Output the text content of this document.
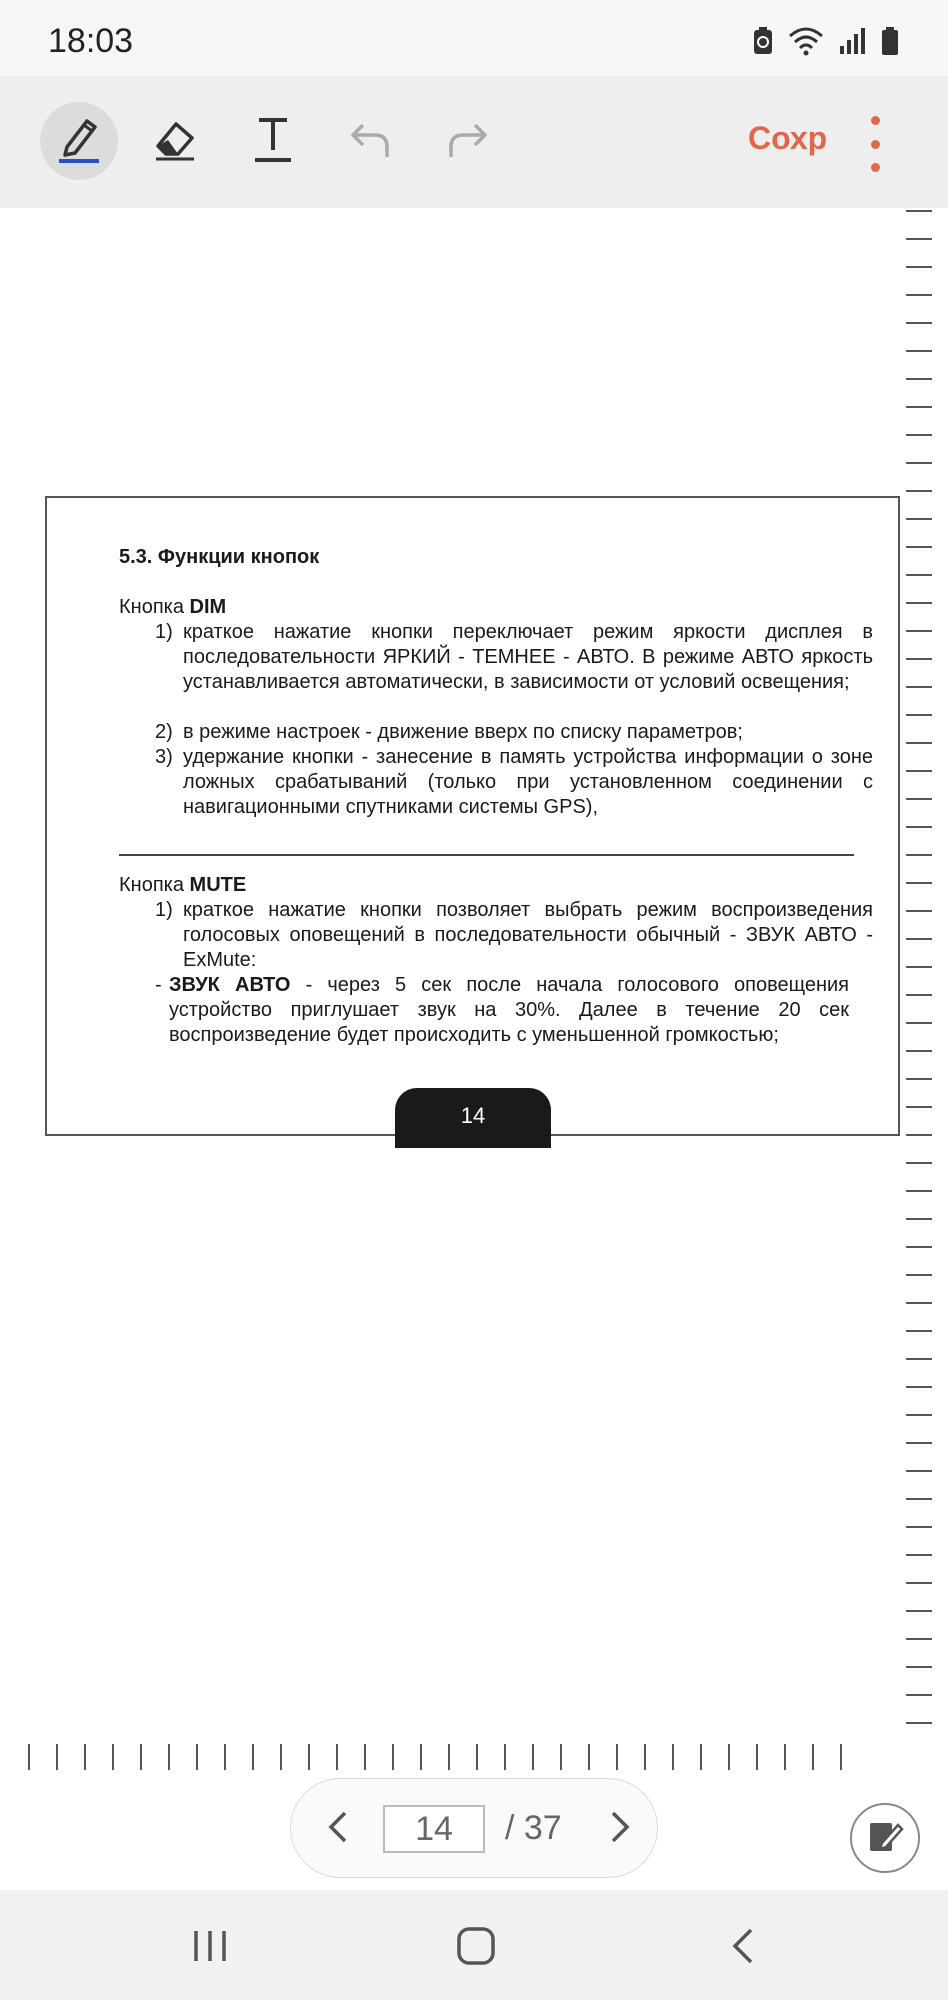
18:03
Сохр
5.3. Функции кнопок
Кнопка DIM
1) краткое нажатие кнопки переключает режим яркости дисплея в последовательности ЯРКИЙ - ТЕМНЕЕ - АВТО. В режиме АВТО яркость устанавливается автоматически, в зависимости от условий освещения;
2) в режиме настроек - движение вверх по списку параметров;
3) удержание кнопки - занесение в память устройства информации о зоне ложных срабатываний (только при установленном соединении с навигационными спутниками системы GPS),
Кнопка MUTE
1) краткое нажатие кнопки позволяет выбрать режим воспроизведения голосовых оповещений в последовательности обычный - ЗВУК АВТО - ExMute:
- ЗВУК АВТО - через 5 сек после начала голосового оповещения устройство приглушает звук на 30%. Далее в течение 20 сек воспроизведение будет происходить с уменьшенной громкостью;
14
14
/ 37
